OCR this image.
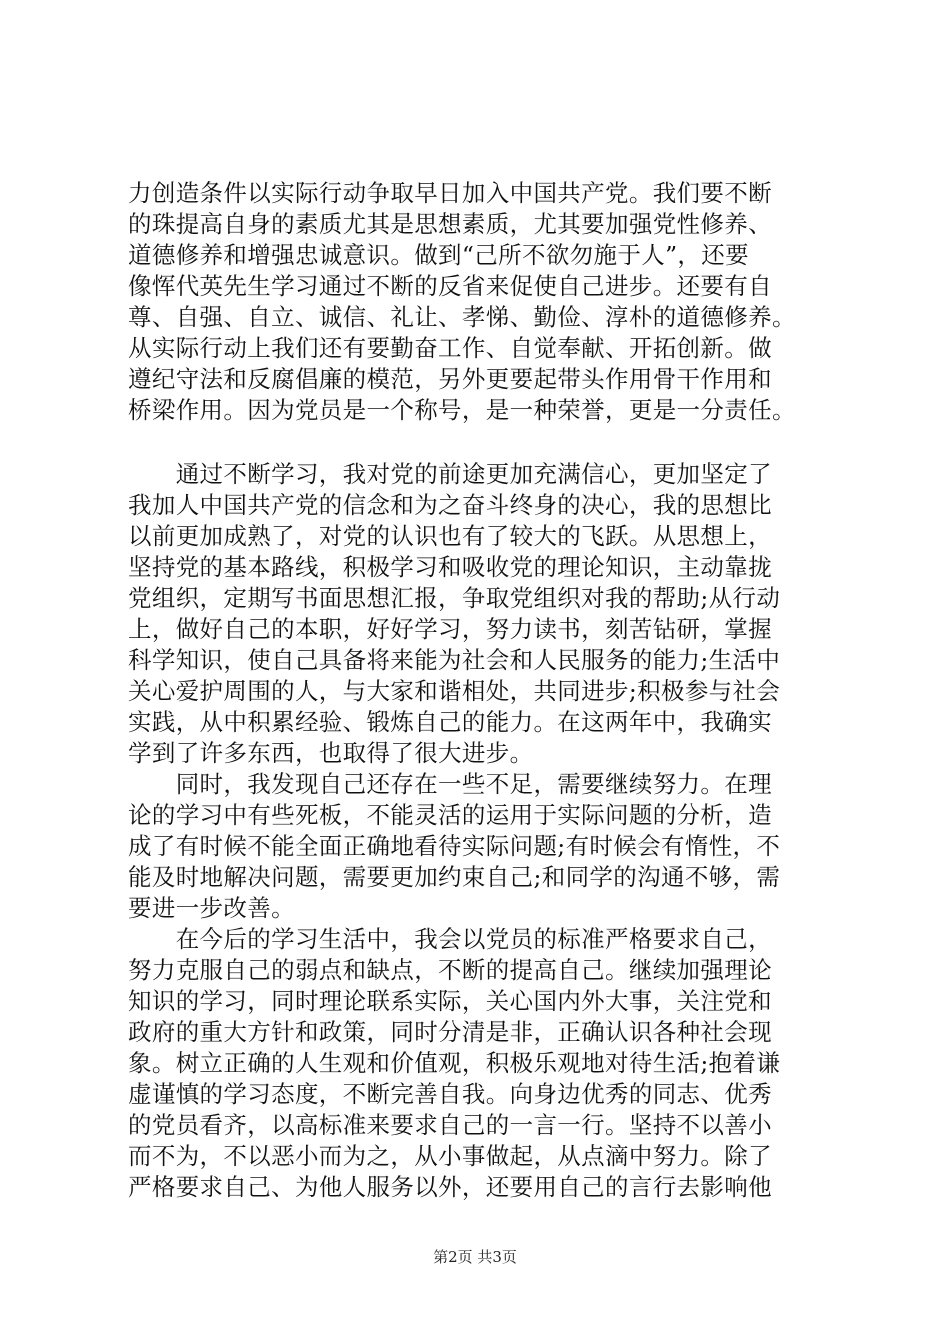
力创造条件以实际行动争取早日加入中国共产党。我们要不断
的珠提高自身的素质尤其是思想素质，尤其要加强党性修养、
道德修养和增强忠诚意识。做到“己所不欲勿施于人”，还要
像恽代英先生学习通过不断的反省来促使自己进步。还要有自
尊、自强、自立、诚信、礼让、孝悌、勤俭、淳朴的道德修养。
从实际行动上我们还有要勤奋工作、自觉奉献、开拓创新。做
遵纪守法和反腐倡廉的模范，另外更要起带头作用骨干作用和
桥梁作用。因为党员是一个称号，是一种荣誉，更是一分责任。
　　通过不断学习，我对党的前途更加充满信心，更加坚定了
我加人中国共产党的信念和为之奋斗终身的决心，我的思想比
以前更加成熟了，对党的认识也有了较大的飞跃。从思想上，
坚持党的基本路线，积极学习和吸收党的理论知识，主动靠拢
党组织，定期写书面思想汇报，争取党组织对我的帮助;从行动
上，做好自己的本职，好好学习，努力读书，刻苦钻研，掌握
科学知识，使自己具备将来能为社会和人民服务的能力;生活中
关心爱护周围的人，与大家和谐相处，共同进步;积极参与社会
实践，从中积累经验、锻炼自己的能力。在这两年中，我确实
学到了许多东西，也取得了很大进步。
　　同时，我发现自己还存在一些不足，需要继续努力。在理
论的学习中有些死板，不能灵活的运用于实际问题的分析，造
成了有时候不能全面正确地看待实际问题;有时候会有惰性，不
能及时地解决问题，需要更加约束自己;和同学的沟通不够，需
要进一步改善。
　　在今后的学习生活中，我会以党员的标准严格要求自己，
努力克服自己的弱点和缺点，不断的提高自己。继续加强理论
知识的学习，同时理论联系实际，关心国内外大事，关注党和
政府的重大方针和政策，同时分清是非，正确认识各种社会现
象。树立正确的人生观和价值观，积极乐观地对待生活;抱着谦
虚谨慎的学习态度，不断完善自我。向身边优秀的同志、优秀
的党员看齐，以高标准来要求自己的一言一行。坚持不以善小
而不为，不以恶小而为之，从小事做起，从点滴中努力。除了
严格要求自己、为他人服务以外，还要用自己的言行去影响他
第2页 共3页
